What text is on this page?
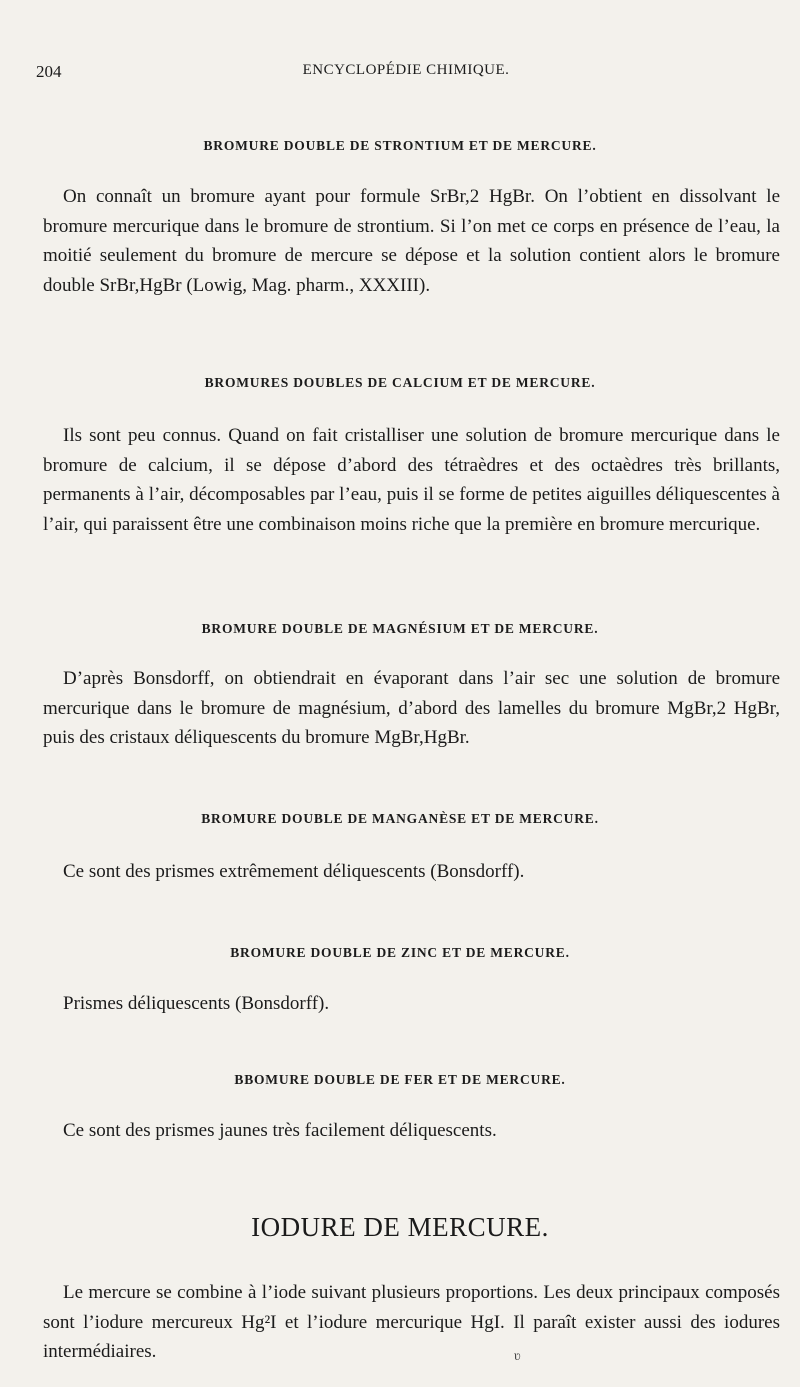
204	ENCYCLOPÉDIE CHIMIQUE.
BROMURE DOUBLE DE STRONTIUM ET DE MERCURE.

On connaît un bromure ayant pour formule SrBr,2 HgBr. On l’obtient en dissolvant le bromure mercurique dans le bromure de strontium. Si l’on met ce corps en présence de l’eau, la moitié seulement du bromure de mercure se dépose et la solution contient alors le bromure double SrBr,HgBr (Lowig, Mag. pharm., XXXIII).

BROMURES DOUBLES DE CALCIUM ET DE MERCURE.

Ils sont peu connus. Quand on fait cristalliser une solution de bromure mercurique dans le bromure de calcium, il se dépose d’abord des tétraèdres et des octaèdres très brillants, permanents à l’air, décomposables par l’eau, puis il se forme de petites aiguilles déliquescentes à l’air, qui paraissent être une combinaison moins riche que la première en bromure mercurique.

BROMURE DOUBLE DE MAGNÉSIUM ET DE MERCURE.

D’après Bonsdorff, on obtiendrait en évaporant dans l’air sec une solution de bromure mercurique dans le bromure de magnésium, d’abord des lamelles du bromure MgBr,2 HgBr, puis des cristaux déliquescents du bromure MgBr,HgBr.

BROMURE DOUBLE DE MANGANÈSE ET DE MERCURE.

Ce sont des prismes extrêmement déliquescents (Bonsdorff).

BROMURE DOUBLE DE ZINC ET DE MERCURE.

Prismes déliquescents (Bonsdorff).

BBOMURE DOUBLE DE FER ET DE MERCURE.

Ce sont des prismes jaunes très facilement déliquescents.

IODURE DE MERCURE.

Le mercure se combine à l’iode suivant plusieurs proportions. Les deux principaux composés sont l’iodure mercureux Hg²I et l’iodure mercurique HgI. Il paraît exister aussi des iodures intermédiaires.	ʋ
